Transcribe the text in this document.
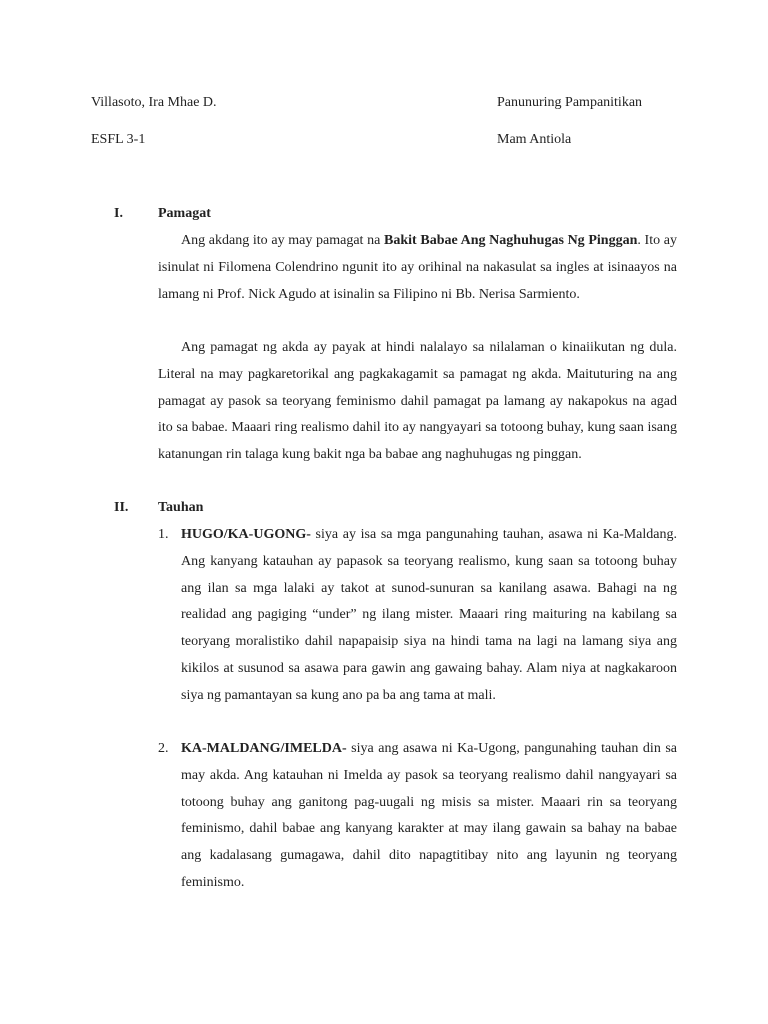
Villasoto, Ira Mhae D.	Panunuring Pampanitikan
ESFL 3-1	Mam Antiola
I.	Pamagat

Ang akdang ito ay may pamagat na Bakit Babae Ang Naghuhugas Ng Pinggan. Ito ay isinulat ni Filomena Colendrino ngunit ito ay orihinal na nakasulat sa ingles at isinaayos na lamang ni Prof. Nick Agudo at isinalin sa Filipino ni Bb. Nerisa Sarmiento.

Ang pamagat ng akda ay payak at hindi nalalayo sa nilalaman o kinaiikutan ng dula. Literal na may pagkaretorikal ang pagkakagamit sa pamagat ng akda. Maituturing na ang pamagat ay pasok sa teoryang feminismo dahil pamagat pa lamang ay nakapokus na agad ito sa babae. Maaari ring realismo dahil ito ay nangyayari sa totoong buhay, kung saan isang katanungan rin talaga kung bakit nga ba babae ang naghuhugas ng pinggan.

II. Tauhan
1. HUGO/KA-UGONG- siya ay isa sa mga pangunahing tauhan, asawa ni Ka-Maldang. Ang kanyang katauhan ay papasok sa teoryang realismo, kung saan sa totoong buhay ang ilan sa mga lalaki ay takot at sunod-sunuran sa kanilang asawa. Bahagi na ng realidad ang pagiging “under” ng ilang mister. Maaari ring maituring na kabilang sa teoryang moralistiko dahil napapaisip siya na hindi tama na lagi na lamang siya ang kikilos at susunod sa asawa para gawin ang gawaing bahay. Alam niya at nagkakaroon siya ng pamantayan sa kung ano pa ba ang tama at mali.

2. KA-MALDANG/IMELDA- siya ang asawa ni Ka-Ugong, pangunahing tauhan din sa may akda. Ang katauhan ni Imelda ay pasok sa teoryang realismo dahil nangyayari sa totoong buhay ang ganitong pag-uugali ng misis sa mister. Maaari rin sa teoryang feminismo, dahil babae ang kanyang karakter at may ilang gawain sa bahay na babae ang kadalasang gumagawa, dahil dito napagtitibay nito ang layunin ng teoryang feminismo.
